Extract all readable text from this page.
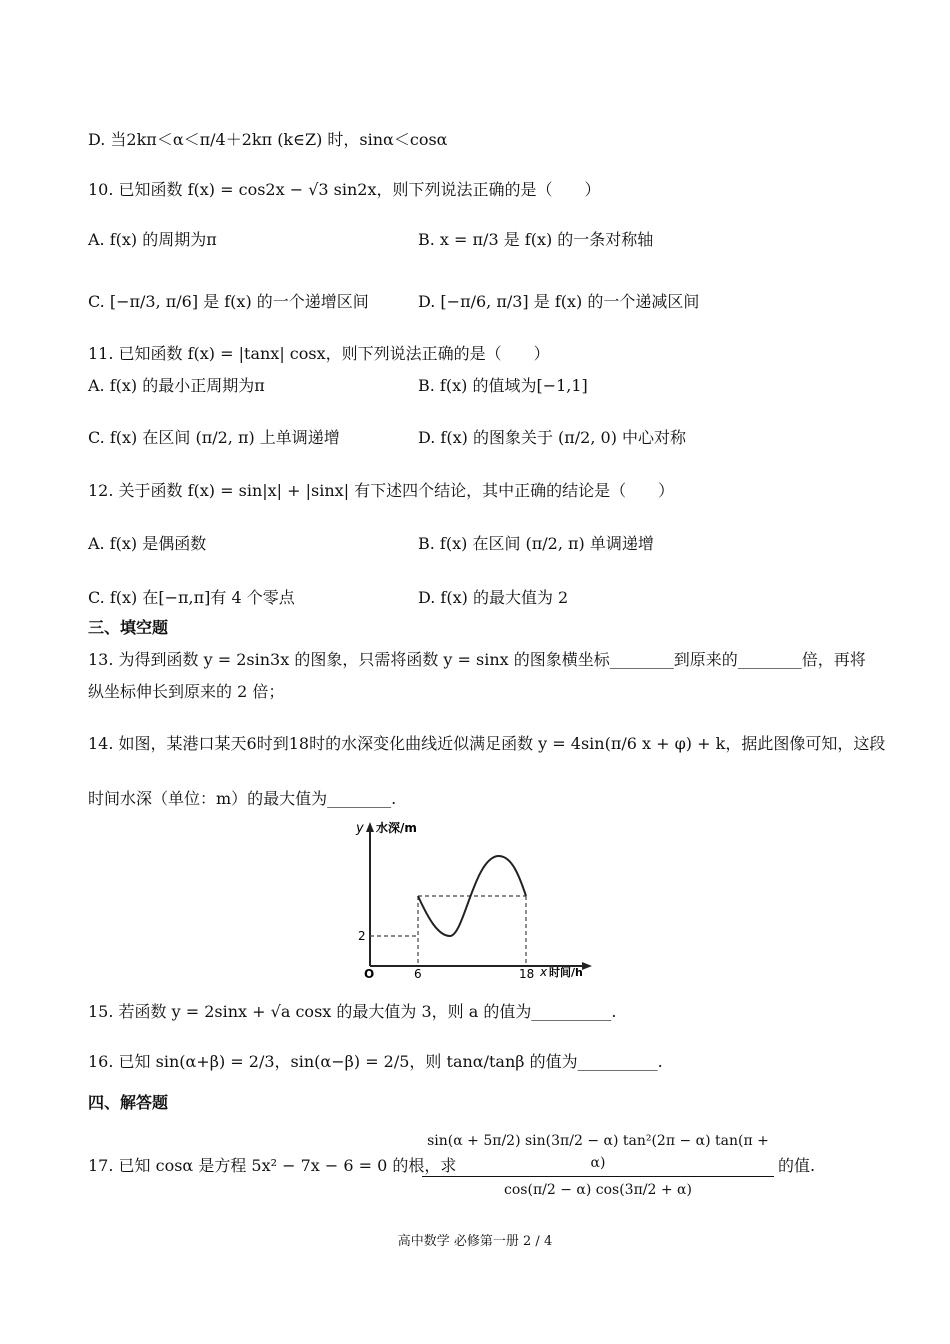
D. 当2kπ＜α＜π/4＋2kπ (k∈Z) 时，sinα＜cosα
10. 已知函数 f(x) = cos2x − √3 sin2x，则下列说法正确的是（　　）
A. f(x) 的周期为π	B. x = π/3 是 f(x) 的一条对称轴
C. [−π/3, π/6] 是 f(x) 的一个递增区间	D. [−π/6, π/3] 是 f(x) 的一个递减区间
11. 已知函数 f(x) = |tanx| cosx，则下列说法正确的是（　　）
A. f(x) 的最小正周期为π	B. f(x) 的值域为[−1,1]
C. f(x) 在区间 (π/2, π) 上单调递增	D. f(x) 的图象关于 (π/2, 0) 中心对称
12. 关于函数 f(x) = sin|x| + |sinx| 有下述四个结论，其中正确的结论是（　　）
A. f(x) 是偶函数	B. f(x) 在区间 (π/2, π) 单调递增
C. f(x) 在[−π,π]有 4 个零点	D. f(x) 的最大值为 2
三、填空题
13. 为得到函数 y = 2sin3x 的图象，只需将函数 y = sinx 的图象横坐标________到原来的________倍，再将
纵坐标伸长到原来的 2 倍；
14. 如图，某港口某天6时到18时的水深变化曲线近似满足函数 y = 4sin(π/6 x + φ) + k，据此图像可知，这段
时间水深（单位：m）的最大值为________.
y 水深/m
2
O	6	18 x 时间/h
15. 若函数 y = 2sinx + √a cosx 的最大值为 3，则 a 的值为__________.
16. 已知 sin(α+β) = 2/3，sin(α−β) = 2/5，则 tanα/tanβ 的值为__________.
四、解答题
17. 已知 cosα 是方程 5x² − 7x − 6 = 0 的根，求
sin(α + 5π/2) sin(3π/2 − α) tan²(2π − α) tan(π + α)
cos(π/2 − α) cos(3π/2 + α)
的值.
高中数学 必修第一册 2 / 4
